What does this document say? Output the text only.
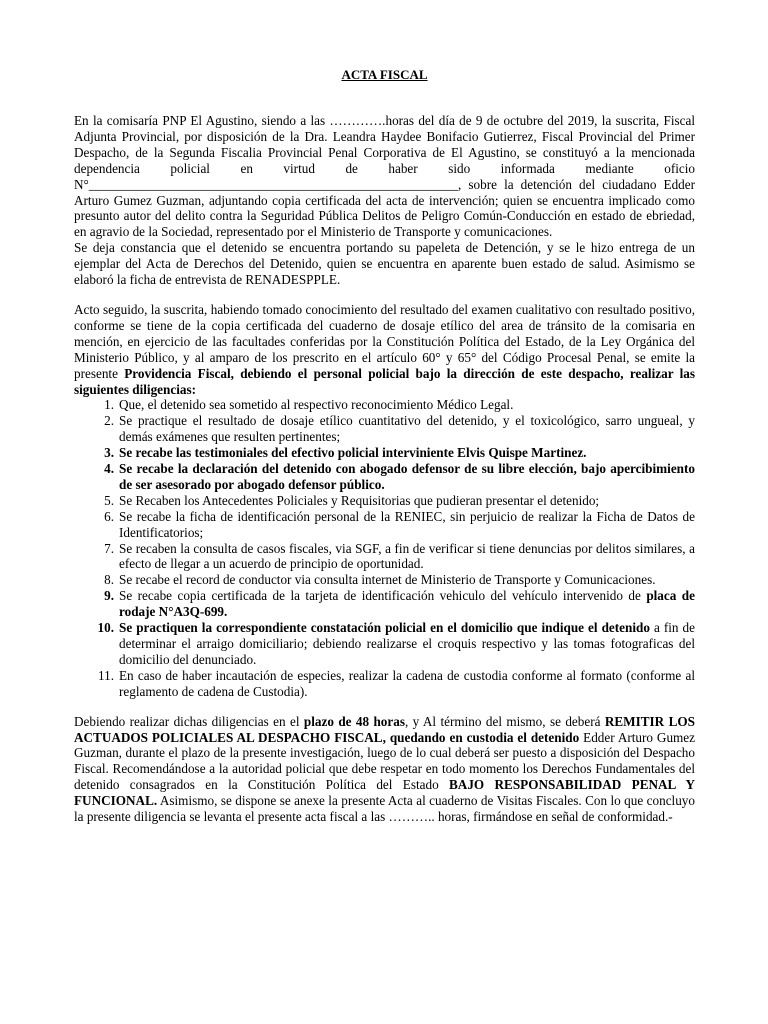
ACTA FISCAL

En la comisaría PNP El Agustino, siendo a las ………….horas del día de 9 de octubre del 2019, la suscrita, Fiscal Adjunta Provincial, por disposición de la Dra. Leandra Haydee Bonifacio Gutierrez, Fiscal Provincial del Primer Despacho, de la Segunda Fiscalia Provincial Penal Corporativa de El Agustino, se constituyó a la mencionada dependencia policial en virtud de haber sido informada mediante oficio N°________________________________________________________, sobre la detención del ciudadano Edder Arturo Gumez Guzman, adjuntando copia certificada del acta de intervención; quien se encuentra implicado como presunto autor del delito contra la Seguridad Pública Delitos de Peligro Común-Conducción en estado de ebriedad, en agravio de la Sociedad, representado por el Ministerio de Transporte y comunicaciones.

Se deja constancia que el detenido se encuentra portando su papeleta de Detención, y se le hizo entrega de un ejemplar del Acta de Derechos del Detenido, quien se encuentra en aparente buen estado de salud. Asimismo se elaboró la ficha de entrevista de RENADESPPLE.

Acto seguido, la suscrita, habiendo tomado conocimiento del resultado del examen cualitativo con resultado positivo, conforme se tiene de la copia certificada del cuaderno de dosaje etílico del area de tránsito de la comisaria en mención, en ejercicio de las facultades conferidas por la Constitución Política del Estado, de la Ley Orgánica del Ministerio Público, y al amparo de los prescrito en el artículo 60° y 65° del Código Procesal Penal, se emite la presente Providencia Fiscal, debiendo el personal policial bajo la dirección de este despacho, realizar las siguientes diligencias:

1. Que, el detenido sea sometido al respectivo reconocimiento Médico Legal.
2. Se practique el resultado de dosaje etílico cuantitativo del detenido, y el toxicológico, sarro ungueal, y demás exámenes que resulten pertinentes;
3. Se recabe las testimoniales del efectivo policial interviniente Elvis Quispe Martinez.
4. Se recabe la declaración del detenido con abogado defensor de su libre elección, bajo apercibimiento de ser asesorado por abogado defensor público.
5. Se Recaben los Antecedentes Policiales y Requisitorias que pudieran presentar el detenido;
6. Se recabe la ficha de identificación personal de la RENIEC, sin perjuicio de realizar la Ficha de Datos de Identificatorios;
7. Se recaben la consulta de casos fiscales, via SGF, a fin de verificar si tiene denuncias por delitos similares, a efecto de llegar a un acuerdo de principio de oportunidad.
8. Se recabe el record de conductor via consulta internet de Ministerio de Transporte y Comunicaciones.
9. Se recabe copia certificada de la tarjeta de identificación vehiculo del vehículo intervenido de placa de rodaje N°A3Q-699.
10. Se practiquen la correspondiente constatación policial en el domicilio que indique el detenido a fin de determinar el arraigo domiciliario; debiendo realizarse el croquis respectivo y las tomas fotograficas del domicilio del denunciado.
11. En caso de haber incautación de especies, realizar la cadena de custodia conforme al formato (conforme al reglamento de cadena de Custodia).

Debiendo realizar dichas diligencias en el plazo de 48 horas, y Al término del mismo, se deberá REMITIR LOS ACTUADOS POLICIALES AL DESPACHO FISCAL, quedando en custodia el detenido Edder Arturo Gumez Guzman, durante el plazo de la presente investigación, luego de lo cual deberá ser puesto a disposición del Despacho Fiscal. Recomendándose a la autoridad policial que debe respetar en todo momento los Derechos Fundamentales del detenido consagrados en la Constitución Política del Estado BAJO RESPONSABILIDAD PENAL Y FUNCIONAL. Asimismo, se dispone se anexe la presente Acta al cuaderno de Visitas Fiscales. Con lo que concluyo la presente diligencia se levanta el presente acta fiscal a las ……….. horas, firmándose en señal de conformidad.-
